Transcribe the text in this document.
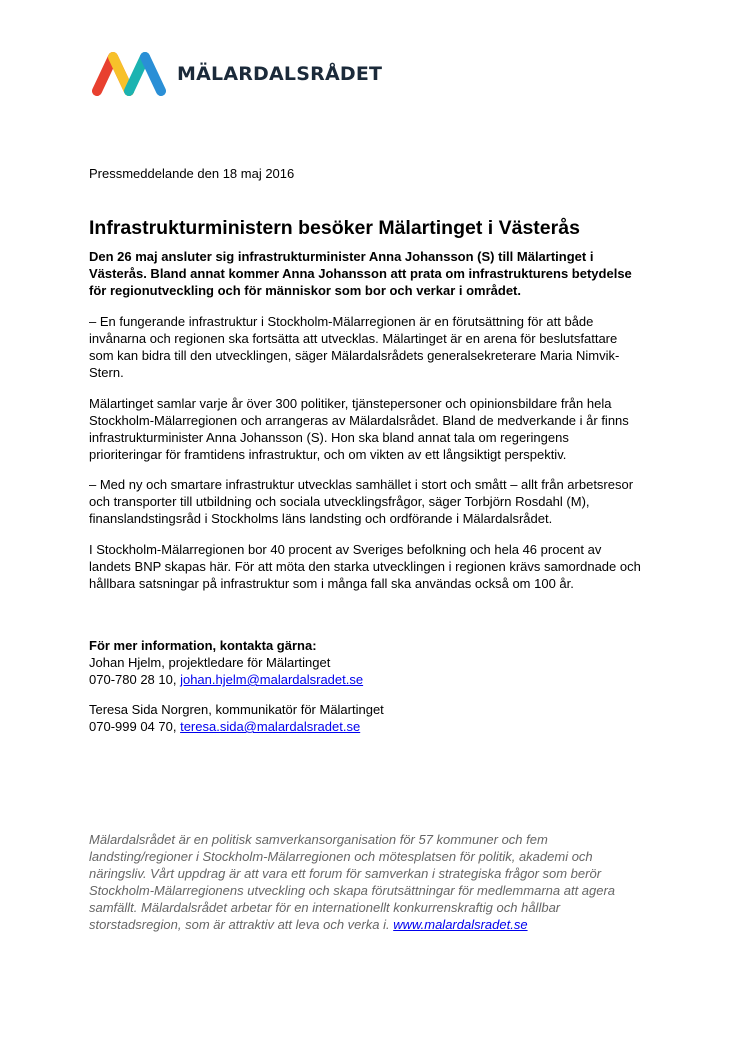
MÄLARDALSRÅDET
Pressmeddelande den 18 maj 2016
Infrastrukturministern besöker Mälartinget i Västerås

Den 26 maj ansluter sig infrastrukturminister Anna Johansson (S) till Mälartinget i
Västerås. Bland annat kommer Anna Johansson att prata om infrastrukturens betydelse
för regionutveckling och för människor som bor och verkar i området.

– En fungerande infrastruktur i Stockholm-Mälarregionen är en förutsättning för att både
invånarna och regionen ska fortsätta att utvecklas. Mälartinget är en arena för beslutsfattare
som kan bidra till den utvecklingen, säger Mälardalsrådets generalsekreterare Maria Nimvik-
Stern.

Mälartinget samlar varje år över 300 politiker, tjänstepersoner och opinionsbildare från hela
Stockholm-Mälarregionen och arrangeras av Mälardalsrådet. Bland de medverkande i år finns
infrastrukturminister Anna Johansson (S). Hon ska bland annat tala om regeringens
prioriteringar för framtidens infrastruktur, och om vikten av ett långsiktigt perspektiv.

– Med ny och smartare infrastruktur utvecklas samhället i stort och smått – allt från arbetsresor
och transporter till utbildning och sociala utvecklingsfrågor, säger Torbjörn Rosdahl (M),
finanslandstingsråd i Stockholms läns landsting och ordförande i Mälardalsrådet.

I Stockholm-Mälarregionen bor 40 procent av Sveriges befolkning och hela 46 procent av
landets BNP skapas här. För att möta den starka utvecklingen i regionen krävs samordnade och
hållbara satsningar på infrastruktur som i många fall ska användas också om 100 år.

För mer information, kontakta gärna:
Johan Hjelm, projektledare för Mälartinget
070-780 28 10, johan.hjelm@malardalsradet.se

Teresa Sida Norgren, kommunikatör för Mälartinget
070-999 04 70, teresa.sida@malardalsradet.se

Mälardalsrådet är en politisk samverkansorganisation för 57 kommuner och fem
landsting/regioner i Stockholm-Mälarregionen och mötesplatsen för politik, akademi och
näringsliv. Vårt uppdrag är att vara ett forum för samverkan i strategiska frågor som berör
Stockholm-Mälarregionens utveckling och skapa förutsättningar för medlemmarna att agera
samfällt. Mälardalsrådet arbetar för en internationellt konkurrenskraftig och hållbar
storstadsregion, som är attraktiv att leva och verka i. www.malardalsradet.se
